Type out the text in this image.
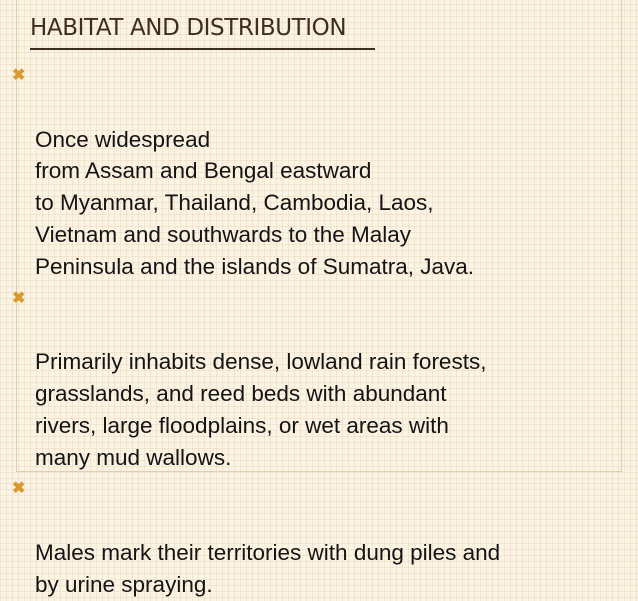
HABITAT AND DISTRIBUTION

✖

Once widespread
from Assam and Bengal eastward
to Myanmar, Thailand, Cambodia, Laos,
Vietnam and southwards to the Malay
Peninsula and the islands of Sumatra, Java.

✖

Primarily inhabits dense, lowland rain forests,
grasslands, and reed beds with abundant
rivers, large floodplains, or wet areas with
many mud wallows.

✖

Males mark their territories with dung piles and
by urine spraying.
